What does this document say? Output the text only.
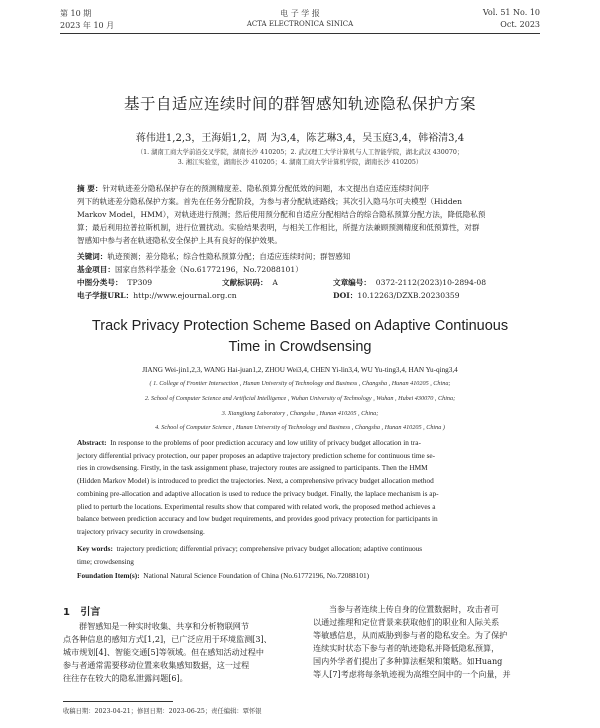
第 10 期
2023 年 10 月
电 子 学 报
ACTA ELECTRONICA SINICA
Vol. 51 No. 10
Oct. 2023
基于自适应连续时间的群智感知轨迹隐私保护方案
蒋伟进1,2,3，王海娟1,2，周 为3,4，陈艺琳3,4，吴玉庭3,4，韩裕清3,4
（1. 湖南工商大学前沿交叉学院，湖南长沙 410205；2. 武汉理工大学计算机与人工智能学院，湖北武汉 430070；
3. 湘江实验室，湖南长沙 410205；4. 湖南工商大学计算机学院，湖南长沙 410205）
摘 要：针对轨迹差分隐私保护存在的预测精度差、隐私预算分配低效的问题，本文提出自适应连续时间序
列下的轨迹差分隐私保护方案。首先在任务分配阶段，为参与者分配轨迹路线；其次引入隐马尔可夫模型（Hidden
Markov Model，HMM），对轨迹进行预测；然后使用预分配和自适应分配相结合的综合隐私预算分配方法，降低隐私预
算；最后利用拉普拉斯机制，进行位置扰动。实验结果表明，与相关工作相比，所提方法兼顾预测精度和低预算性，对群
智感知中参与者在轨迹隐私安全保护上具有良好的保护效果。
关键词：轨迹预测；差分隐私；综合性隐私预算分配；自适应连续时间；群智感知
基金项目：国家自然科学基金（No.61772196，No.72088101）
中图分类号： TP309	文献标识码： A	文章编号： 0372-2112(2023)10-2894-08
电子学报URL：http://www.ejournal.org.cn	DOI：10.12263/DZXB.20230359
Track Privacy Protection Scheme Based on Adaptive Continuous
Time in Crowdsensing
JIANG Wei-jin1,2,3, WANG Hai-juan1,2, ZHOU Wei3,4, CHEN Yi-lin3,4, WU Yu-ting3,4, HAN Yu-qing3,4
( 1. College of Frontier Intersection , Hunan University of Technology and Business , Changsha , Hunan 410205 , China;
2. School of Computer Science and Artificial Intelligence , Wuhan University of Technology , Wuhan , Hubei 430070 , China;
3. Xiangjiang Laboratory , Changsha , Hunan 410205 , China;
4. School of Computer Science , Hunan University of Technology and Business , Changsha , Hunan 410205 , China )
Abstract: In response to the problems of poor prediction accuracy and low utility of privacy budget allocation in tra-
jectory differential privacy protection, our paper proposes an adaptive trajectory prediction scheme for continuous time se-
ries in crowdsensing. Firstly, in the task assignment phase, trajectory routes are assigned to participants. Then the HMM
(Hidden Markov Model) is introduced to predict the trajectories. Next, a comprehensive privacy budget allocation method
combining pre-allocation and adaptive allocation is used to reduce the privacy budget. Finally, the laplace mechanism is ap-
plied to perturb the locations. Experimental results show that compared with related work, the proposed method achieves a
balance between prediction accuracy and low budget requirements, and provides good privacy protection for participants in
trajectory privacy security in crowdsensing.
Key words: trajectory prediction; differential privacy; comprehensive privacy budget allocation; adaptive continuous
time; crowdsensing
Foundation Item(s): National Natural Science Foundation of China (No.61772196, No.72088101)
1 引言
群智感知是一种实时收集、共享和分析物联网节
点各种信息的感知方式[1,2]，已广泛应用于环境监测[3]、
城市规划[4]、智能交通[5]等领域。但在感知活动过程中
参与者通常需要移动位置来收集感知数据，这一过程
往往存在较大的隐私泄露问题[6]。
当参与者连续上传自身的位置数据时，攻击者可
以通过推理和定位背景来获取他们的职业和人际关系
等敏感信息，从而威胁到参与者的隐私安全。为了保护
连续实时状态下参与者的轨迹隐私并降低隐私预算，
国内外学者们提出了多种算法框架和策略。如Huang
等人[7]考虑将每条轨迹视为高维空间中的一个向量，并
收稿日期：2023-04-21；修回日期：2023-06-25；责任编辑：覃怀银
